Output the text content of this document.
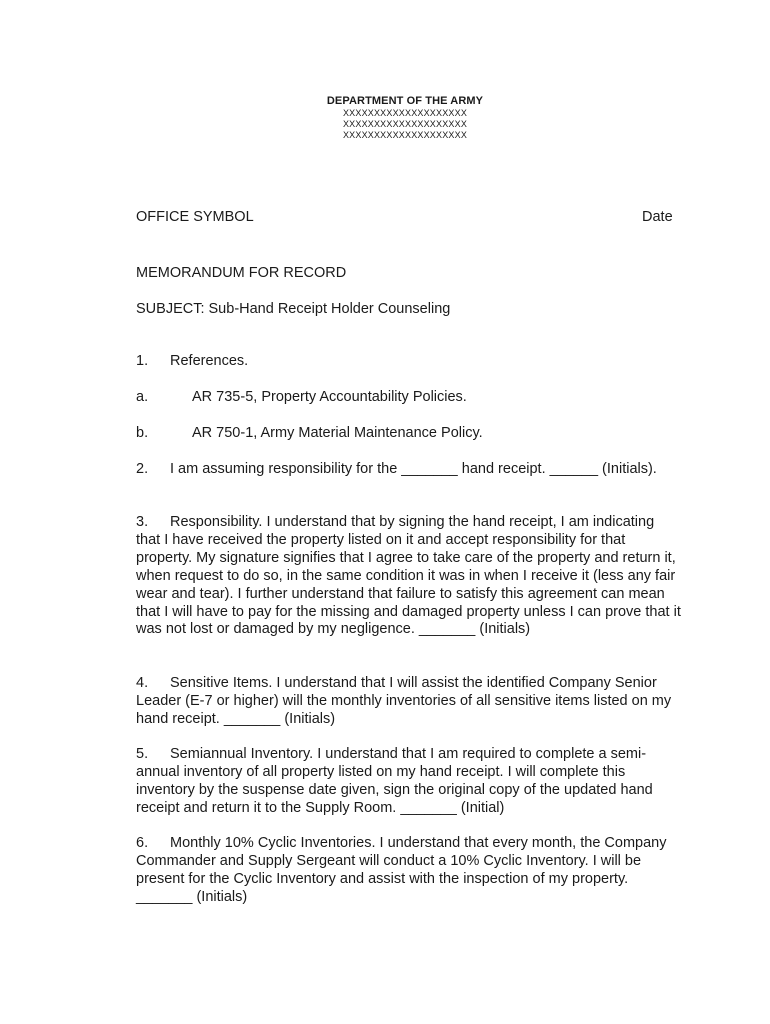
DEPARTMENT OF THE ARMY
XXXXXXXXXXXXXXXXXXXX
XXXXXXXXXXXXXXXXXXXX
XXXXXXXXXXXXXXXXXXXX
OFFICE SYMBOL	Date
MEMORANDUM FOR RECORD
SUBJECT: Sub-Hand Receipt Holder Counseling
1. References.
a.	AR 735-5, Property Accountability Policies.
b.	AR 750-1, Army Material Maintenance Policy.
2. I am assuming responsibility for the _______ hand receipt. ______ (Initials).
3. Responsibility. I understand that by signing the hand receipt, I am indicating that I have received the property listed on it and accept responsibility for that property. My signature signifies that I agree to take care of the property and return it, when request to do so, in the same condition it was in when I receive it (less any fair wear and tear). I further understand that failure to satisfy this agreement can mean that I will have to pay for the missing and damaged property unless I can prove that it was not lost or damaged by my negligence. _______ (Initials)
4. Sensitive Items. I understand that I will assist the identified Company Senior Leader (E-7 or higher) will the monthly inventories of all sensitive items listed on my hand receipt. _______ (Initials)
5. Semiannual Inventory. I understand that I am required to complete a semi-annual inventory of all property listed on my hand receipt. I will complete this inventory by the suspense date given, sign the original copy of the updated hand receipt and return it to the Supply Room. _______ (Initial)
6. Monthly 10% Cyclic Inventories. I understand that every month, the Company Commander and Supply Sergeant will conduct a 10% Cyclic Inventory. I will be present for the Cyclic Inventory and assist with the inspection of my property. _______ (Initials)
